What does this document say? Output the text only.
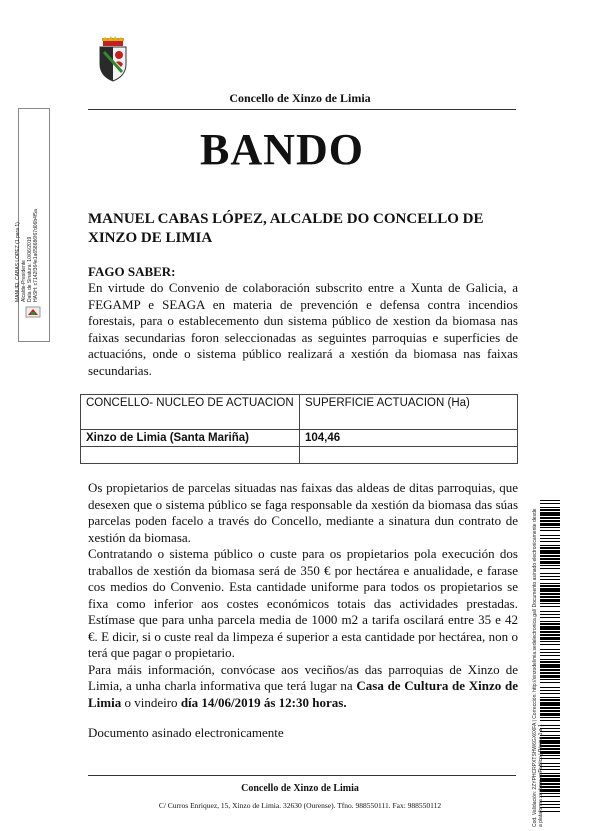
Concello de Xinzo de Limia
BANDO
MANUEL CABAS LÓPEZ, ALCALDE DO CONCELLO DE XINZO DE LIMIA
FAGO SABER:
En virtude do Convenio de colaboración subscrito entre a Xunta de Galicia, a FEGAMP e SEAGA en materia de prevención e defensa contra incendios forestais, para o establecemento dun sistema público de xestion da biomasa nas faixas secundarias foron seleccionadas as seguintes parroquias e superficies de actuacións, onde o sistema público realizará a xestión da biomasa nas faixas secundarias.
CONCELLO- NUCLEO DE ACTUACION	SUPERFICIE ACTUACION (Ha)
Xinzo de Limia (Santa Mariña)	104,46

Os propietarios de parcelas situadas nas faixas das aldeas de ditas parroquias, que desexen que o sistema público se faga responsable da xestión da biomasa das súas parcelas poden facelo a través do Concello, mediante a sinatura dun contrato de xestión da biomasa.
Contratando o sistema público o custe para os propietarios pola execución dos traballos de xestión da biomasa será de 350 € por hectárea e anualidade, e farase cos medios do Convenio. Esta cantidade uniforme para todos os propietarios se fixa como inferior aos costes económicos totais das actividades prestadas. Estímase que para unha parcela media de 1000 m2 a tarifa oscilará entre 35 e 42 €. E dicir, si o custe real da limpeza é superior a esta cantidade por hectárea, non o terá que pagar o propietario.
Para máis información, convócase aos veciños/as das parroquias de Xinzo de Limia, a unha charla informativa que terá lugar na Casa de Cultura de Xinzo de Limia o vindeiro día 14/06/2019 ás 12:30 horas.
Documento asinado electronicamente
Concello de Xinzo de Limia
C/ Curros Enriquez, 15, Xinzo de Limia. 32630 (Ourense). Tfno. 988550111. Fax: 988550112
MANUEL CABAS LOPEZ (1 para 1) Alcalde-Presidente Data de Sinatura: 10/06/2019 HASH: c7142f364e1a658686f67d06b4f5a
Cod. Validación: 2ZYPHCRPXTSHW6GX6XFA | Corrección: http://xinzodelimia.sedelectronica.gal/ Documento asinado electronicamente desde a plataforma xestiona esPublico | Páxina 1 a 1
